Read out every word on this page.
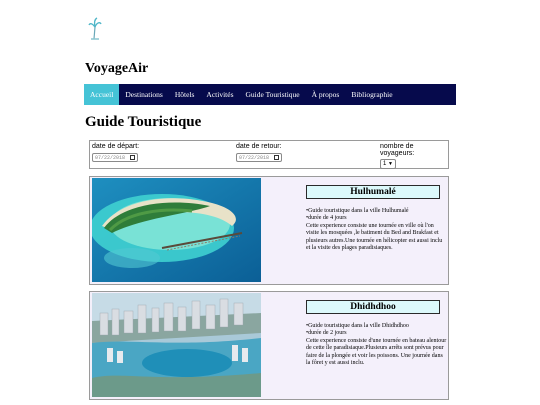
VoyageAir
Accueil	Destinations	Hôtels	Activités	Guide Touristique	À propos	Bibliographie
Guide Touristique
date de départ:
07/22/2018
date de retour:
07/22/2018
nombre de voyageurs:
1 ▼
Hulhumalé
•Guide touristique dans la ville Hulhumalé
•durée de 4 jours
Cette experience consiste une tournée en ville où l'on visite les mosquées ,le batiment du Bed and Brakfast et plusieurs autres.Une tournée en hélicopter est aussi inclu et la visite des plages paradisiaques.
Dhidhdhoo
•Guide touristique dans la ville Dhidhdhoo
•durée de 2 jours
Cette experience consiste d'une tournée en bateau alentour de cette île paradisiaque.Plusieurs arrêts sont prévus pour faire de la plongée et voir les poissons. Une journée dans la fôret y est aussi inclu.
